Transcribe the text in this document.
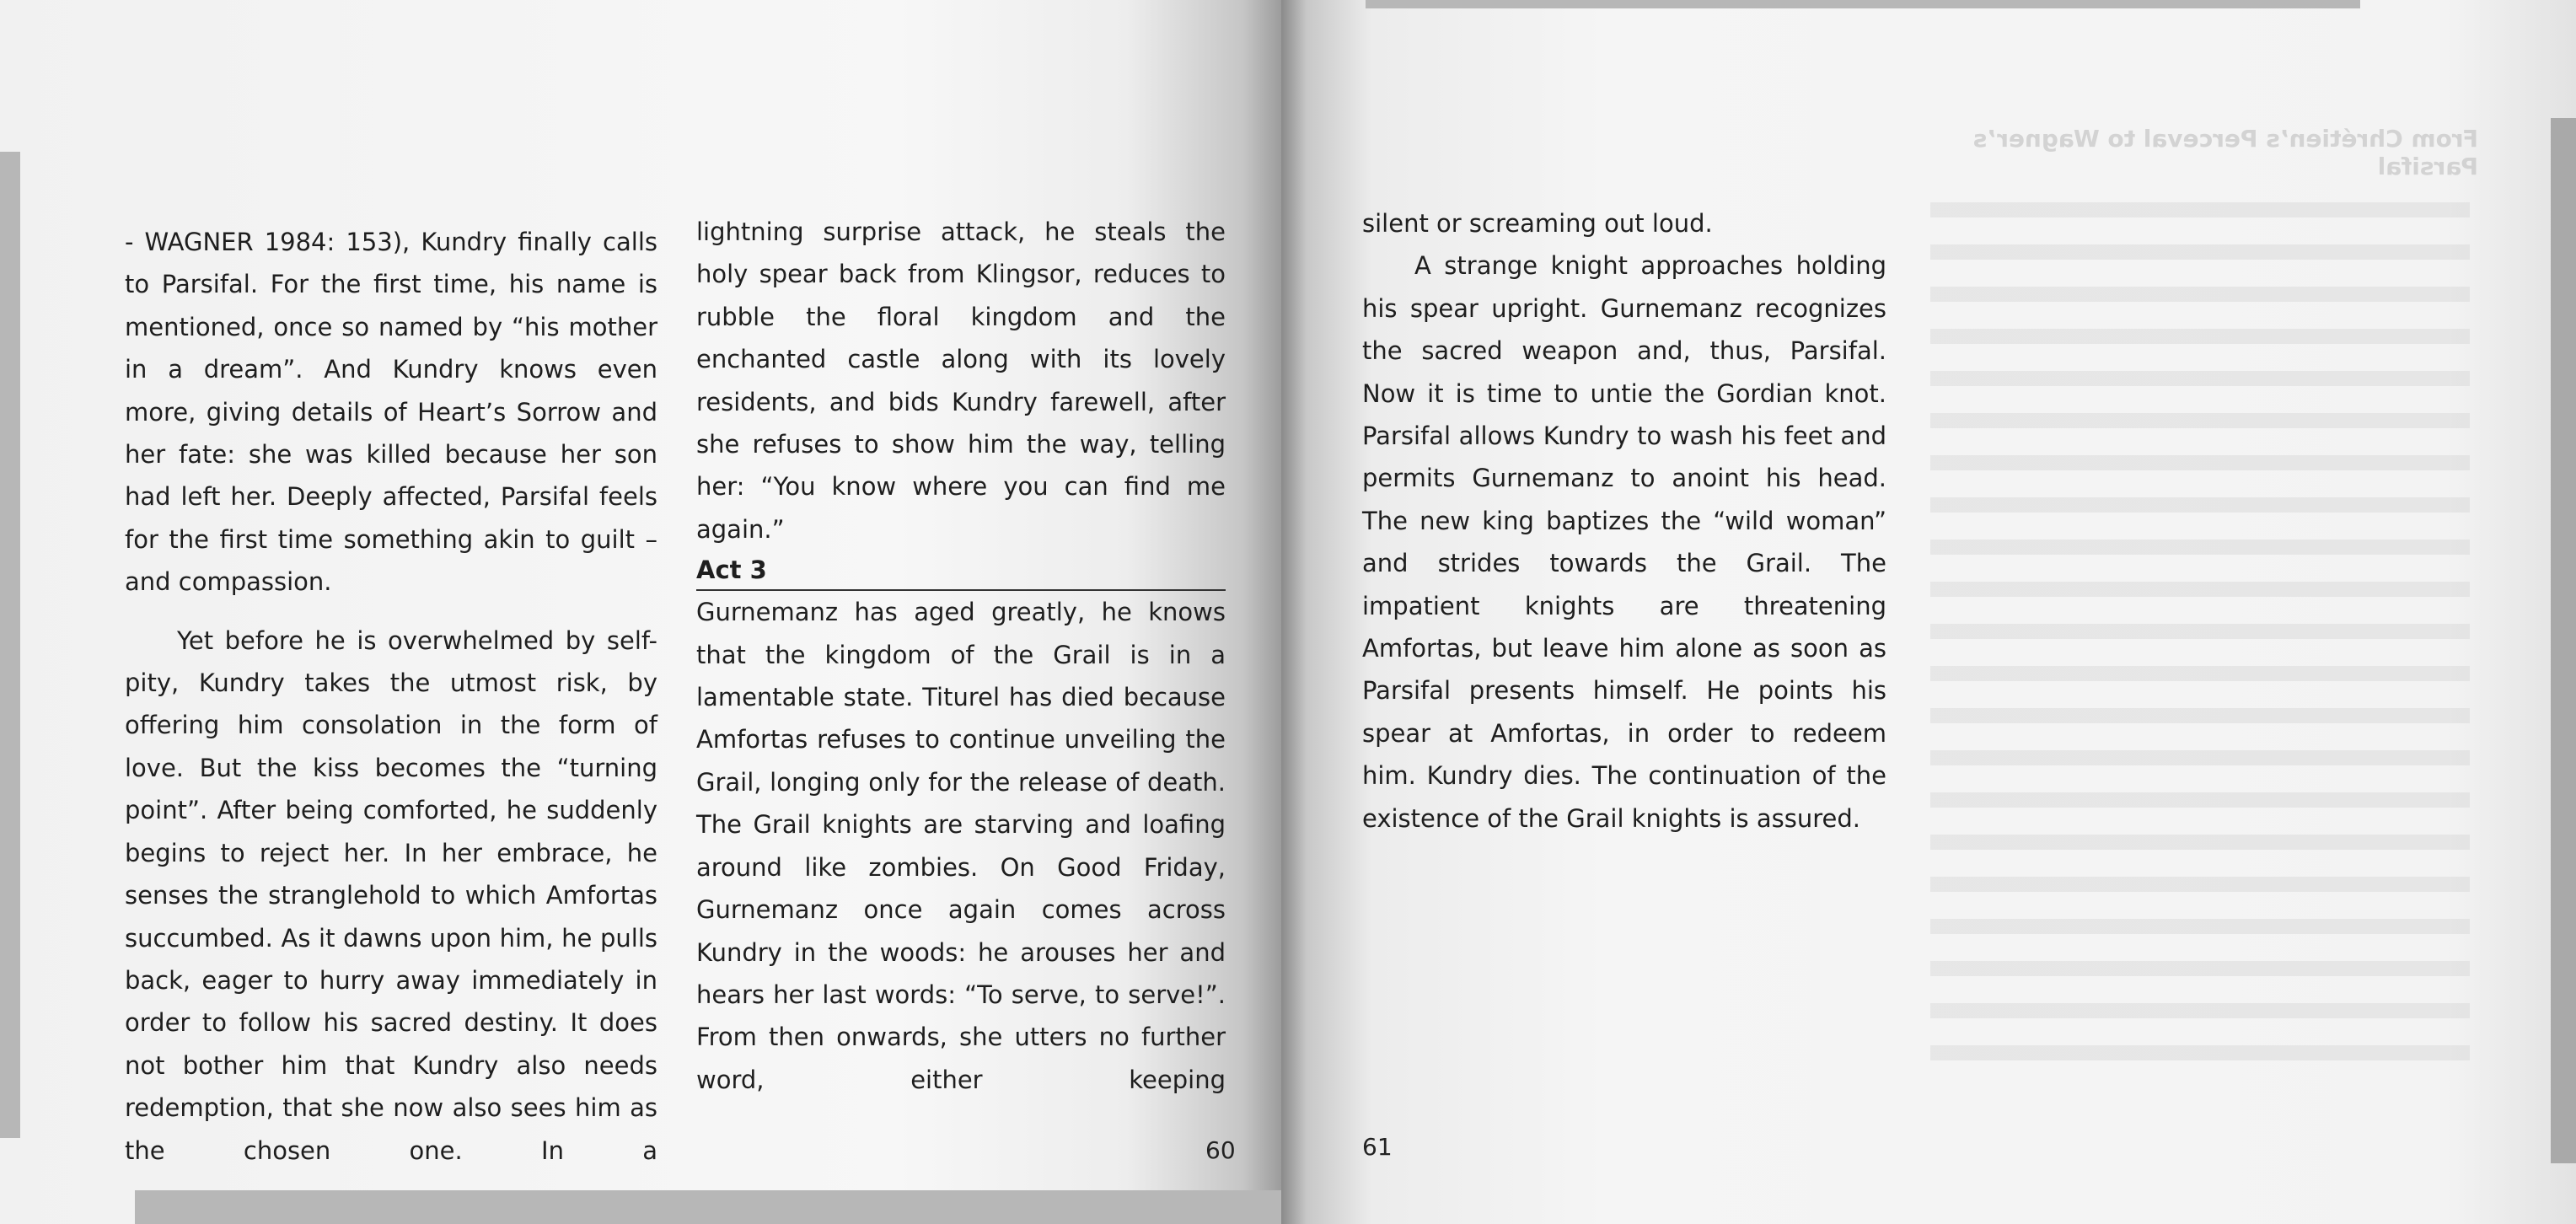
- WAGNER 1984: 153), Kundry finally calls to Parsifal. For the first time, his name is mentioned, once so named by “his mother in a dream”. And Kundry knows even more, giving details of Heart’s Sorrow and her fate: she was killed because her son had left her. Deeply affected, Parsifal feels for the first time something akin to guilt – and compassion.

Yet before he is overwhelmed by self-pity, Kundry takes the utmost risk, by offering him consolation in the form of love. But the kiss becomes the “turning point”. After being comforted, he suddenly begins to reject her. In her embrace, he senses the stranglehold to which Amfortas succumbed. As it dawns upon him, he pulls back, eager to hurry away immediately in order to follow his sacred destiny. It does not bother him that Kundry also needs redemption, that she now also sees him as the chosen one. In a

lightning surprise attack, he steals the holy spear back from Klingsor, reduces to rubble the floral kingdom and the enchanted castle along with its lovely residents, and bids Kundry farewell, after she refuses to show him the way, telling her: “You know where you can find me again.”

Act 3

Gurnemanz has aged greatly, he knows that the kingdom of the Grail is in a lamentable state. Titurel has died because Amfortas refuses to continue unveiling the Grail, longing only for the release of death. The Grail knights are starving and loafing around like zombies. On Good Friday, Gurnemanz once again comes across Kundry in the woods: he arouses her and hears her last words: “To serve, to serve!”. From then onwards, she utters no further word, either keeping

60
From Chrétien’s Perceval to Wagner’s Parsifal

silent or screaming out loud.

A strange knight approaches holding his spear upright. Gurnemanz recognizes the sacred weapon and, thus, Parsifal. Now it is time to untie the Gordian knot. Parsifal allows Kundry to wash his feet and permits Gurnemanz to anoint his head. The new king baptizes the “wild woman” and strides towards the Grail. The impatient knights are threatening Amfortas, but leave him alone as soon as Parsifal presents himself. He points his spear at Amfortas, in order to redeem him. Kundry dies. The continuation of the existence of the Grail knights is assured.

61
